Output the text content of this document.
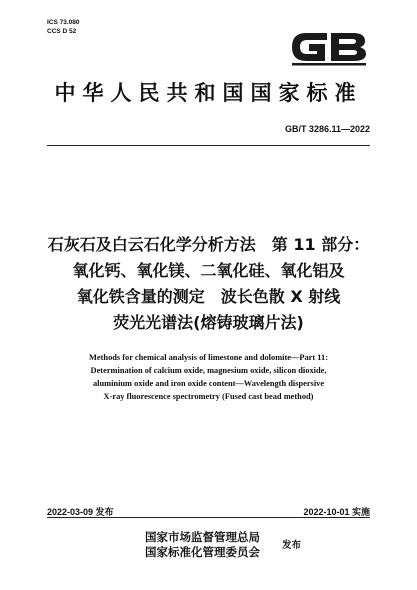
ICS 73.080
CCS D 52
中华人民共和国国家标准
GB/T 3286.11—2022
石灰石及白云石化学分析方法　第 11 部分：
氧化钙、氧化镁、二氧化硅、氧化铝及
氧化铁含量的测定　波长色散 X 射线
荧光光谱法(熔铸玻璃片法)
Methods for chemical analysis of limestone and dolomite—Part 11:
Determination of calcium oxide, magnesium oxide, silicon dioxide,
aluminium oxide and iron oxide content—Wavelength dispersive
X-ray fluorescence spectrometry (Fused cast bead method)
2022-03-09 发布	2022-10-01 实施
国家市场监督管理总局
国家标准化管理委员会 发布
